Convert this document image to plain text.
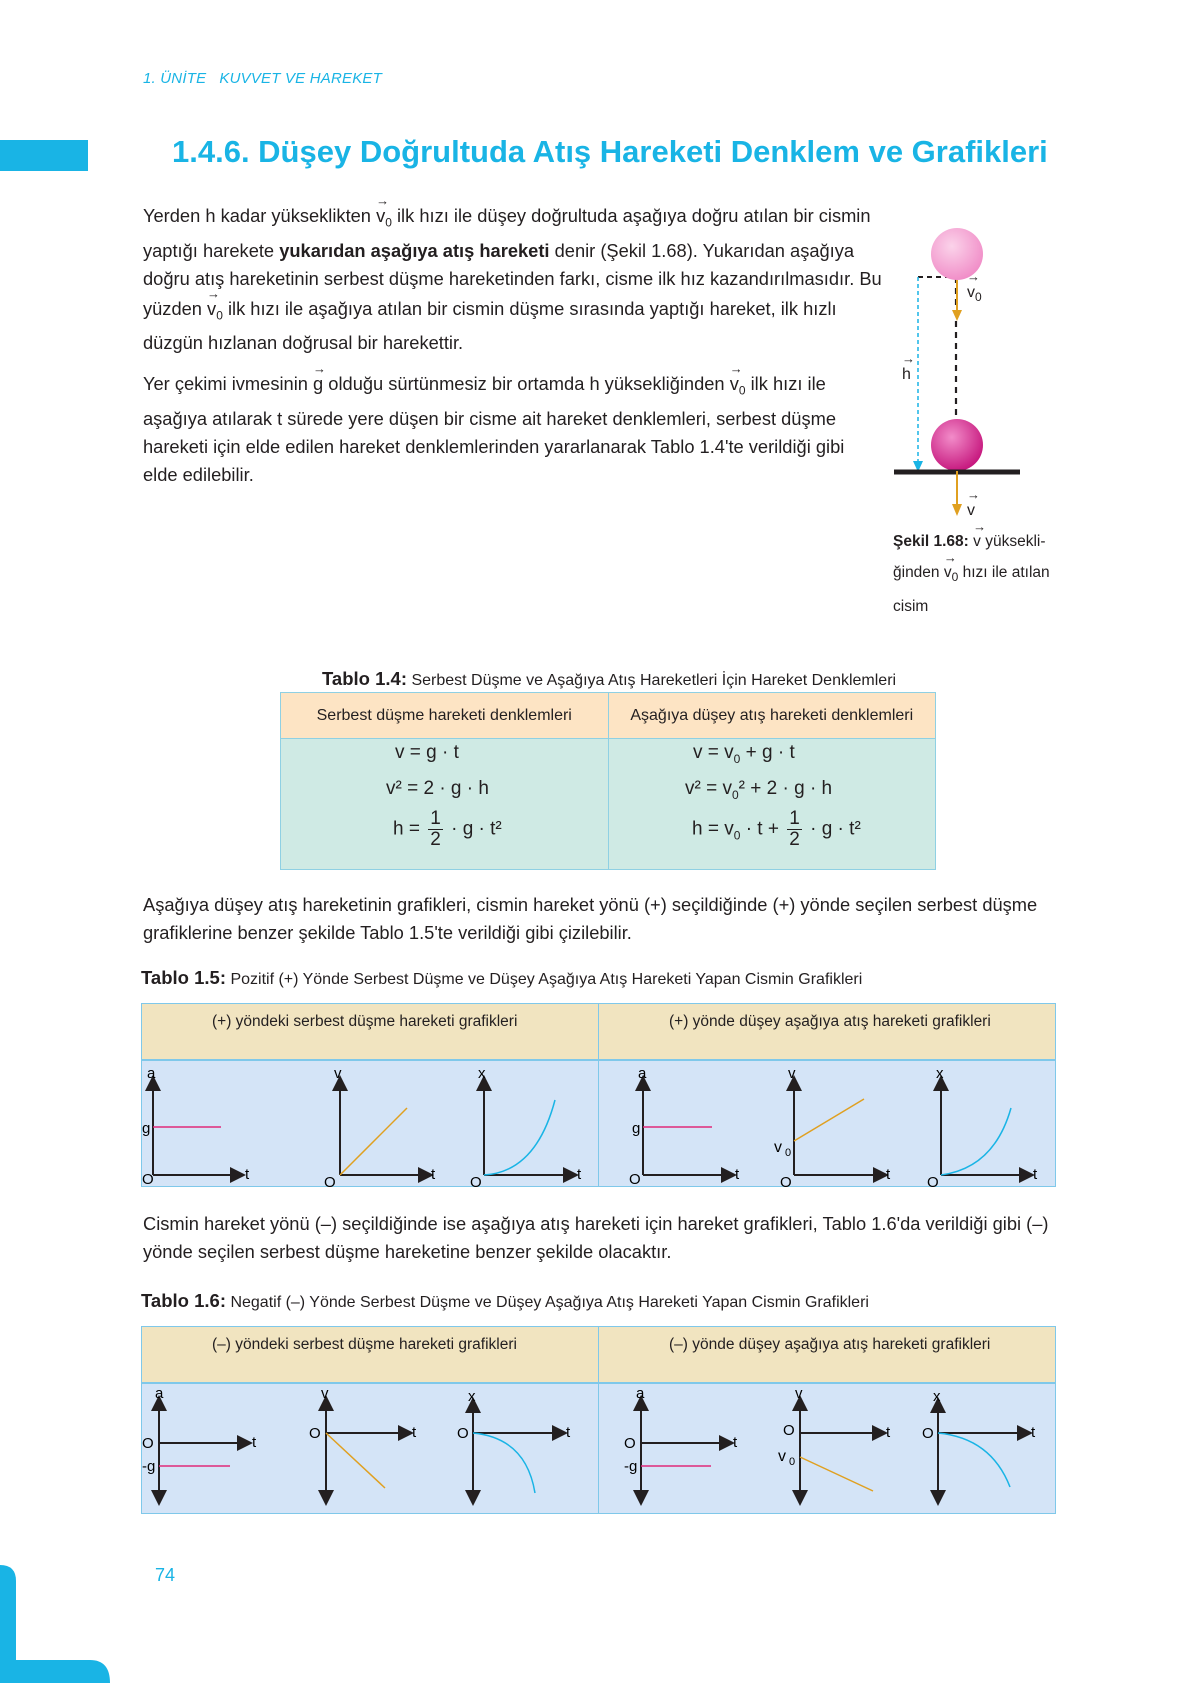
1. ÜNİTE KUVVET VE HAREKET
1.4.6. Düşey Doğrultuda Atış Hareketi Denklem ve Grafikleri
Yerden h kadar yükseklikten → $v_0$ ilk hızı ile düşey doğrultuda aşağıya doğru atılan bir cismin yaptığı harekete yukarıdan aşağıya atış hareketi denir (Şekil 1.68). Yukarıdan aşağıya doğru atış hareketinin serbest düşme hareketinden farkı, cisme ilk hız kazandırılmasıdır. Bu yüzden → $v_0$ ilk hızı ile aşağıya atılan bir cismin düşme sırasında yaptığı hareket, ilk hızlı düzgün hızlanan doğrusal bir harekettir.
Yer çekimi ivmesinin → g olduğu sürtünmesiz bir ortamda h yüksekliğinden → $v_0$ ilk hızı ile aşağıya atılarak t sürede yere düşen bir cisme ait hareket denklemleri, serbest düşme hareketi için elde edilen hareket denklemlerinden yararlanarak Tablo 1.4'te verildiği gibi elde edilebilir.
→ $v_0$
→ h
→ v
Şekil 1.68: → v yüksekli-
ğinden → $v_0$ hızı ile atılan
cisim
Tablo 1.4: Serbest Düşme ve Aşağıya Atış Hareketleri İçin Hareket Denklemleri
Serbest düşme hareketi denklemleri	Aşağıya düşey atış hareketi denklemleri

v = g · t
v² = 2 · g · h
$h = \frac{1}{2} \cdot g \cdot t^2$
$v = v_0 + g \cdot t$
$v^2 = v_0^2 + 2 \cdot g \cdot h$
$h = v_0 \cdot t + \frac{1}{2} \cdot g \cdot t^2$
Aşağıya düşey atış hareketinin grafikleri, cismin hareket yönü (+) seçildiğinde (+) yönde seçilen serbest düşme grafiklerine benzer şekilde Tablo 1.5'te verildiği gibi çizilebilir.
Tablo 1.5: Pozitif (+) Yönde Serbest Düşme ve Düşey Aşağıya Atış Hareketi Yapan Cismin Grafikleri
(+) yöndeki serbest düşme hareketi grafikleri	(+) yönde düşey aşağıya atış hareketi grafikleri
a
g
O	t
v
O	t
x
O	t
a
g
O	t
v
v 0
O	t
x
O	t
Cismin hareket yönü (–) seçildiğinde ise aşağıya atış hareketi için hareket grafikleri, Tablo 1.6'da verildiği gibi (–) yönde seçilen serbest düşme hareketine benzer şekilde olacaktır.
Tablo 1.6: Negatif (–) Yönde Serbest Düşme ve Düşey Aşağıya Atış Hareketi Yapan Cismin Grafikleri
(–) yöndeki serbest düşme hareketi grafikleri	(–) yönde düşey aşağıya atış hareketi grafikleri
a
O
-g
t
v
O	t
x
O	t
a
O
-g
t
v
O
v 0
t
x
O	t
74
